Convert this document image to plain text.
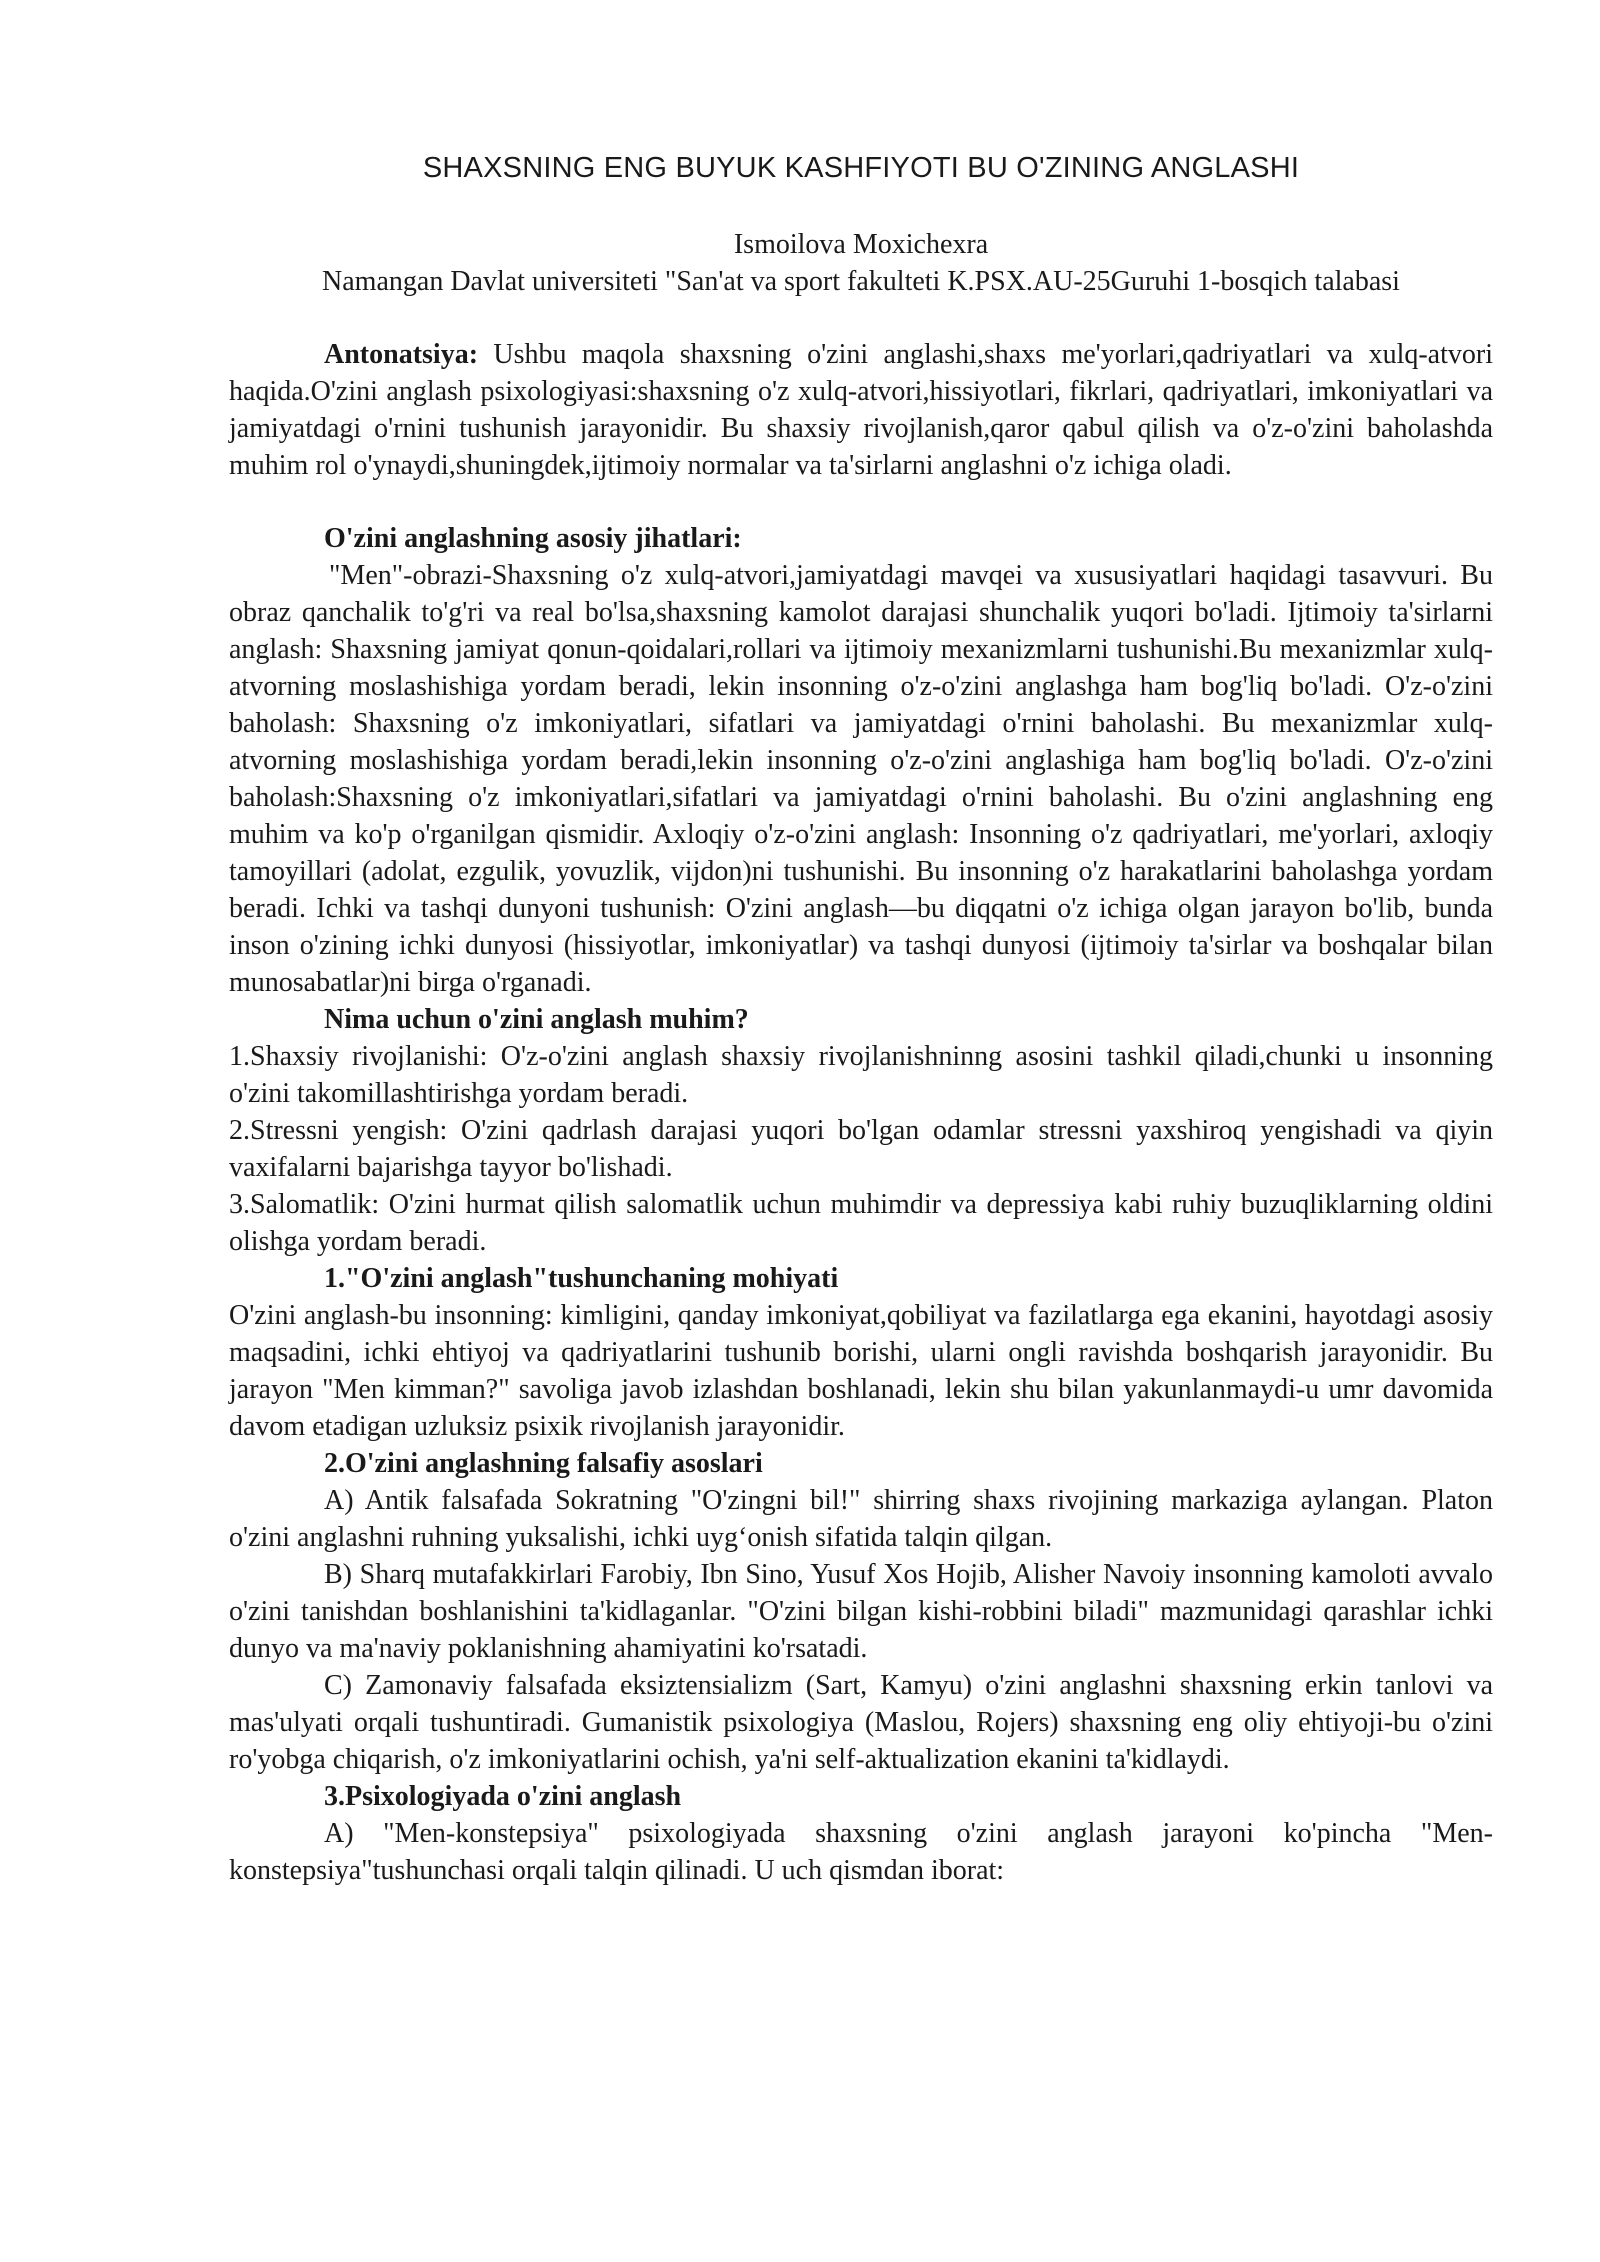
SHAXSNING ENG BUYUK KASHFIYOTI BU O'ZINING ANGLASHI

Ismoilova Moxichexra

Namangan Davlat universiteti "San'at va sport fakulteti K.PSX.AU-25Guruhi 1-bosqich talabasi

Antonatsiya: Ushbu maqola shaxsning o'zini anglashi,shaxs me'yorlari,qadriyatlari va xulq-atvori haqida.O'zini anglash psixologiyasi:shaxsning o'z xulq-atvori,hissiyotlari, fikrlari, qadriyatlari, imkoniyatlari va jamiyatdagi o'rnini tushunish jarayonidir. Bu shaxsiy rivojlanish,qaror qabul qilish va o'z-o'zini baholashda muhim rol o'ynaydi,shuningdek,ijtimoiy normalar va ta'sirlarni anglashni o'z ichiga oladi.

O'zini anglashning asosiy jihatlari:

"Men"-obrazi-Shaxsning o'z xulq-atvori,jamiyatdagi mavqei va xususiyatlari haqidagi tasavvuri. Bu obraz qanchalik to'g'ri va real bo'lsa,shaxsning kamolot darajasi shunchalik yuqori bo'ladi. Ijtimoiy ta'sirlarni anglash: Shaxsning jamiyat qonun-qoidalari,rollari va ijtimoiy mexanizmlarni tushunishi.Bu mexanizmlar xulq-atvorning moslashishiga yordam beradi, lekin insonning o'z-o'zini anglashga ham bog'liq bo'ladi. O'z-o'zini baholash: Shaxsning o'z imkoniyatlari, sifatlari va jamiyatdagi o'rnini baholashi. Bu mexanizmlar xulq-atvorning moslashishiga yordam beradi,lekin insonning o'z-o'zini anglashiga ham bog'liq bo'ladi. O'z-o'zini baholash:Shaxsning o'z imkoniyatlari,sifatlari va jamiyatdagi o'rnini baholashi. Bu o'zini anglashning eng muhim va ko'p o'rganilgan qismidir. Axloqiy o'z-o'zini anglash: Insonning o'z qadriyatlari, me'yorlari, axloqiy tamoyillari (adolat, ezgulik, yovuzlik, vijdon)ni tushunishi. Bu insonning o'z harakatlarini baholashga yordam beradi. Ichki va tashqi dunyoni tushunish: O'zini anglash—bu diqqatni o'z ichiga olgan jarayon bo'lib, bunda inson o'zining ichki dunyosi (hissiyotlar, imkoniyatlar) va tashqi dunyosi (ijtimoiy ta'sirlar va boshqalar bilan munosabatlar)ni birga o'rganadi.

Nima uchun o'zini anglash muhim?

1.Shaxsiy rivojlanishi: O'z-o'zini anglash shaxsiy rivojlanishninng asosini tashkil qiladi,chunki u insonning o'zini takomillashtirishga yordam beradi.

2.Stressni yengish: O'zini qadrlash darajasi yuqori bo'lgan odamlar stressni yaxshiroq yengishadi va qiyin vaxifalarni bajarishga tayyor bo'lishadi.

3.Salomatlik: O'zini hurmat qilish salomatlik uchun muhimdir va depressiya kabi ruhiy buzuqliklarning oldini olishga yordam beradi.

1."O'zini anglash"tushunchaning mohiyati

O'zini anglash-bu insonning: kimligini, qanday imkoniyat,qobiliyat va fazilatlarga ega ekanini, hayotdagi asosiy maqsadini, ichki ehtiyoj va qadriyatlarini tushunib borishi, ularni ongli ravishda boshqarish jarayonidir. Bu jarayon "Men kimman?" savoliga javob izlashdan boshlanadi, lekin shu bilan yakunlanmaydi-u umr davomida davom etadigan uzluksiz psixik rivojlanish jarayonidir.

2.O'zini anglashning falsafiy asoslari

A) Antik falsafada Sokratning "O'zingni bil!" shirring shaxs rivojining markaziga aylangan. Platon o'zini anglashni ruhning yuksalishi, ichki uyg‘onish sifatida talqin qilgan.

B) Sharq mutafakkirlari Farobiy, Ibn Sino, Yusuf Xos Hojib, Alisher Navoiy insonning kamoloti avvalo o'zini tanishdan boshlanishini ta'kidlaganlar. "O'zini bilgan kishi-robbini biladi" mazmunidagi qarashlar ichki dunyo va ma'naviy poklanishning ahamiyatini ko'rsatadi.

C) Zamonaviy falsafada eksiztensializm (Sart, Kamyu) o'zini anglashni shaxsning erkin tanlovi va mas'ulyati orqali tushuntiradi. Gumanistik psixologiya (Maslou, Rojers) shaxsning eng oliy ehtiyoji-bu o'zini ro'yobga chiqarish, o'z imkoniyatlarini ochish, ya'ni self-aktualization ekanini ta'kidlaydi.

3.Psixologiyada o'zini anglash

A) "Men-konstepsiya" psixologiyada shaxsning o'zini anglash jarayoni ko'pincha "Men-konstepsiya"tushunchasi orqali talqin qilinadi. U uch qismdan iborat:
